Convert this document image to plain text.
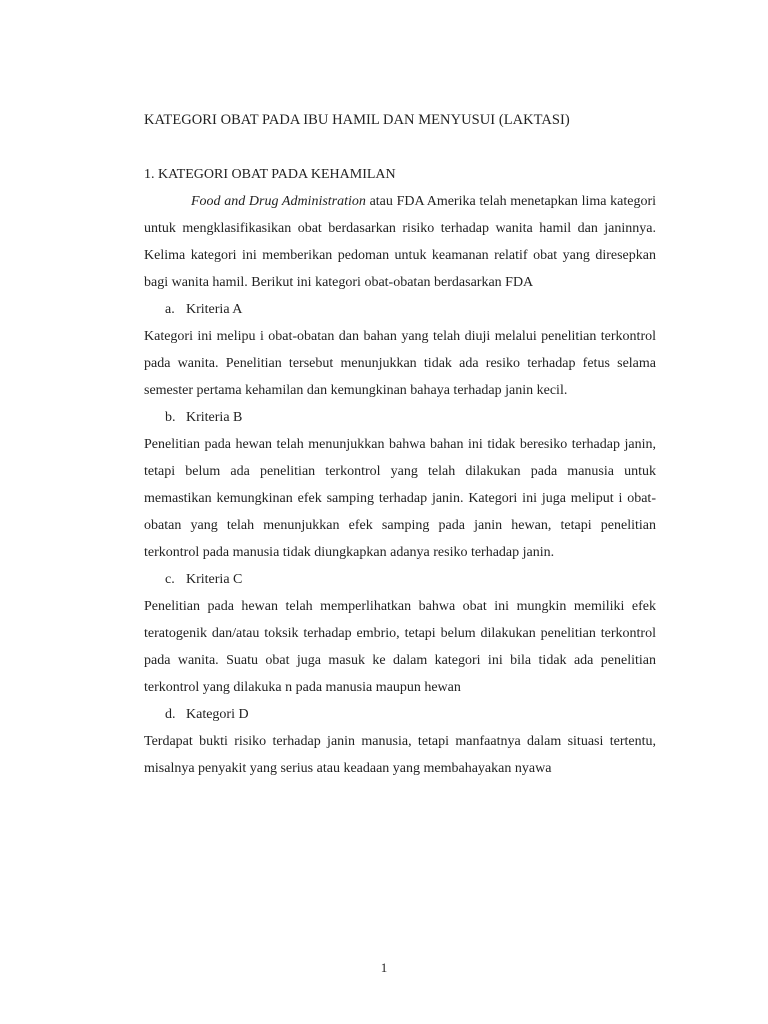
KATEGORI OBAT PADA IBU HAMIL DAN MENYUSUI (LAKTASI)
1. KATEGORI OBAT PADA KEHAMILAN

Food and Drug Administration atau FDA Amerika telah menetapkan lima kategori untuk mengklasifikasikan obat berdasarkan risiko terhadap wanita hamil dan janinnya. Kelima kategori ini memberikan pedoman untuk keamanan relatif obat yang diresepkan bagi wanita hamil. Berikut ini kategori obat-obatan berdasarkan FDA

a. Kriteria A

Kategori ini melipu i obat-obatan dan bahan yang telah diuji melalui penelitian terkontrol pada wanita. Penelitian tersebut menunjukkan tidak ada resiko terhadap fetus selama semester pertama kehamilan dan kemungkinan bahaya terhadap janin kecil.

b. Kriteria B

Penelitian pada hewan telah menunjukkan bahwa bahan ini tidak beresiko terhadap janin, tetapi belum ada penelitian terkontrol yang telah dilakukan pada manusia untuk memastikan kemungkinan efek samping terhadap janin. Kategori ini juga meliput i obat-obatan yang telah menunjukkan efek samping pada janin hewan, tetapi penelitian terkontrol pada manusia tidak diungkapkan adanya resiko terhadap janin.

c. Kriteria C

Penelitian pada hewan telah memperlihatkan bahwa obat ini mungkin memiliki efek teratogenik dan/atau toksik terhadap embrio, tetapi belum dilakukan penelitian terkontrol pada wanita. Suatu obat juga masuk ke dalam kategori ini bila tidak ada penelitian terkontrol yang dilakuka n pada manusia maupun hewan

d. Kategori D

Terdapat bukti risiko terhadap janin manusia, tetapi manfaatnya dalam situasi tertentu, misalnya penyakit yang serius atau keadaan yang membahayakan nyawa

1
